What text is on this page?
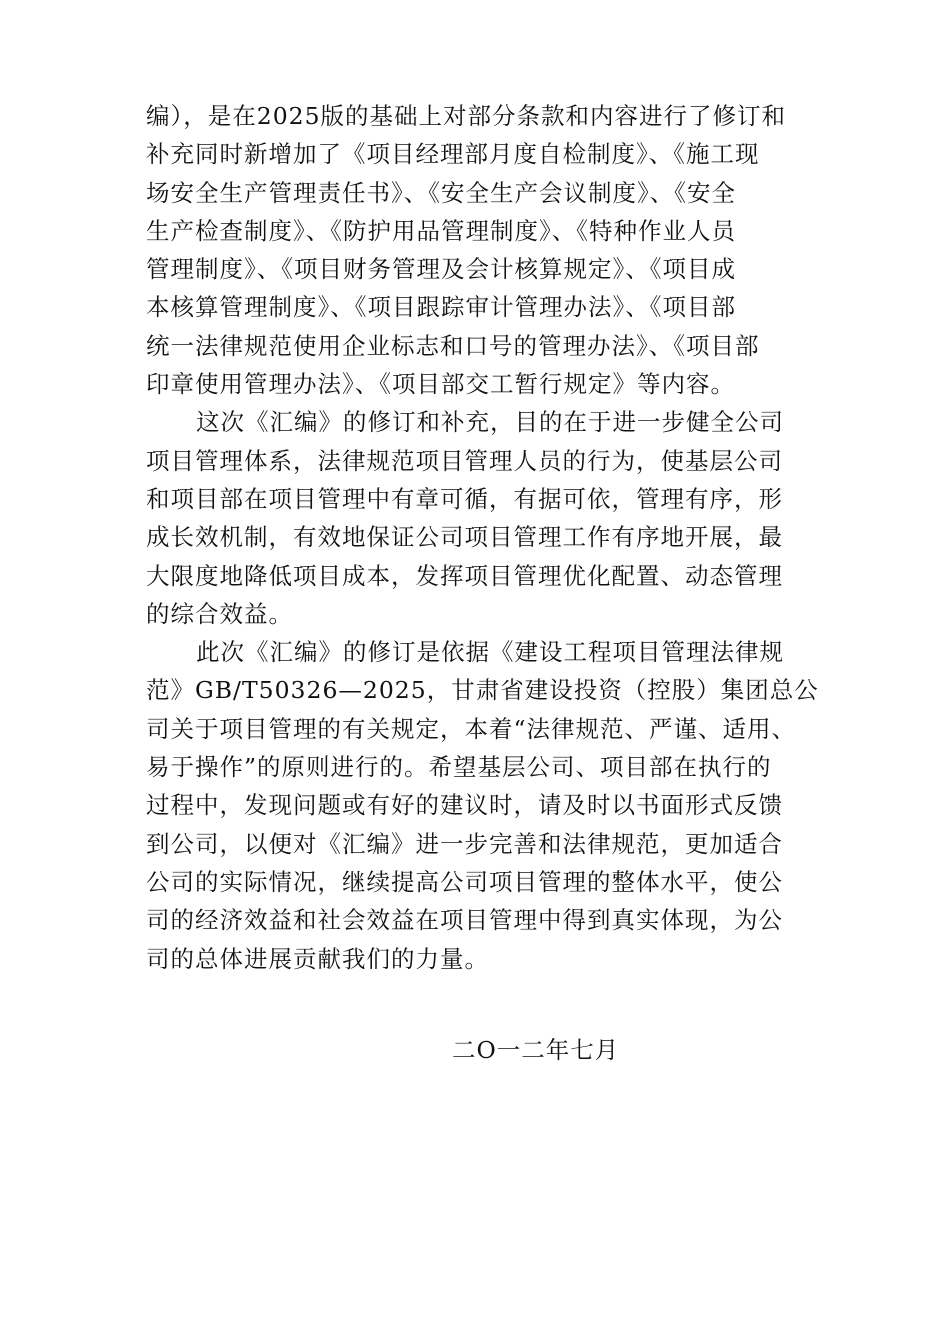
编），是在2025版的基础上对部分条款和内容进行了修订和
补充同时新增加了《项目经理部月度自检制度》、《施工现
场安全生产管理责任书》、《安全生产会议制度》、《安全
生产检查制度》、《防护用品管理制度》、《特种作业人员
管理制度》、《项目财务管理及会计核算规定》、《项目成
本核算管理制度》、《项目跟踪审计管理办法》、《项目部
统一法律规范使用企业标志和口号的管理办法》、《项目部
印章使用管理办法》、《项目部交工暂行规定》等内容。
这次《汇编》的修订和补充，目的在于进一步健全公司
项目管理体系，法律规范项目管理人员的行为，使基层公司
和项目部在项目管理中有章可循，有据可依，管理有序，形
成长效机制，有效地保证公司项目管理工作有序地开展，最
大限度地降低项目成本，发挥项目管理优化配置、动态管理
的综合效益。
此次《汇编》的修订是依据《建设工程项目管理法律规
范》GB/T50326—2025，甘肃省建设投资（控股）集团总公
司关于项目管理的有关规定，本着“法律规范、严谨、适用、
易于操作”的原则进行的。希望基层公司、项目部在执行的
过程中，发现问题或有好的建议时，请及时以书面形式反馈
到公司，以便对《汇编》进一步完善和法律规范，更加适合
公司的实际情况，继续提高公司项目管理的整体水平，使公
司的经济效益和社会效益在项目管理中得到真实体现，为公
司的总体进展贡献我们的力量。
二O一二年七月
